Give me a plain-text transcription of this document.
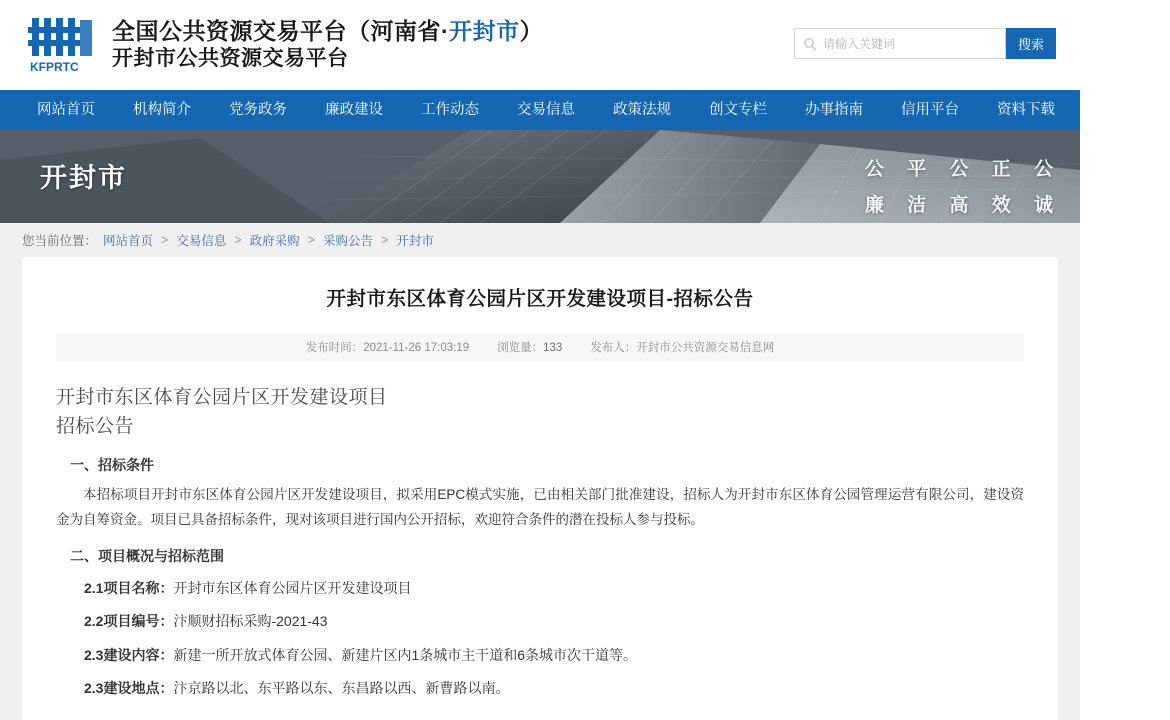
KFPRTC
全国公共资源交易平台（河南省·开封市）
开封市公共资源交易平台
请输入关键词
搜索
网站首页	机构简介	党务政务	廉政建设	工作动态	交易信息	政策法规	创文专栏	办事指南	信用平台	资料下载	流程公开
开封市	公 平 公 正 公
廉 洁 高 效 诚
您当前位置： 网站首页 > 交易信息 > 政府采购 > 采购公告 > 开封市
开封市东区体育公园片区开发建设项目-招标公告
发布时间：2021-11-26 17:03:19 浏览量：133 发布人：开封市公共资源交易信息网
开封市东区体育公园片区开发建设项目
招标公告
一、招标条件
本招标项目开封市东区体育公园片区开发建设项目，拟采用EPC模式实施，已由相关部门批准建设，招标人为开封市东区体育公园管理运营有限公司，建设资金为自筹资金。项目已具备招标条件，现对该项目进行国内公开招标，欢迎符合条件的潜在投标人参与投标。
二、项目概况与招标范围
2.1项目名称：开封市东区体育公园片区开发建设项目
2.2项目编号：汴顺财招标采购-2021-43
2.3建设内容：新建一所开放式体育公园、新建片区内1条城市主干道和6条城市次干道等。
2.3建设地点：汴京路以北、东平路以东、东昌路以西、新曹路以南。
